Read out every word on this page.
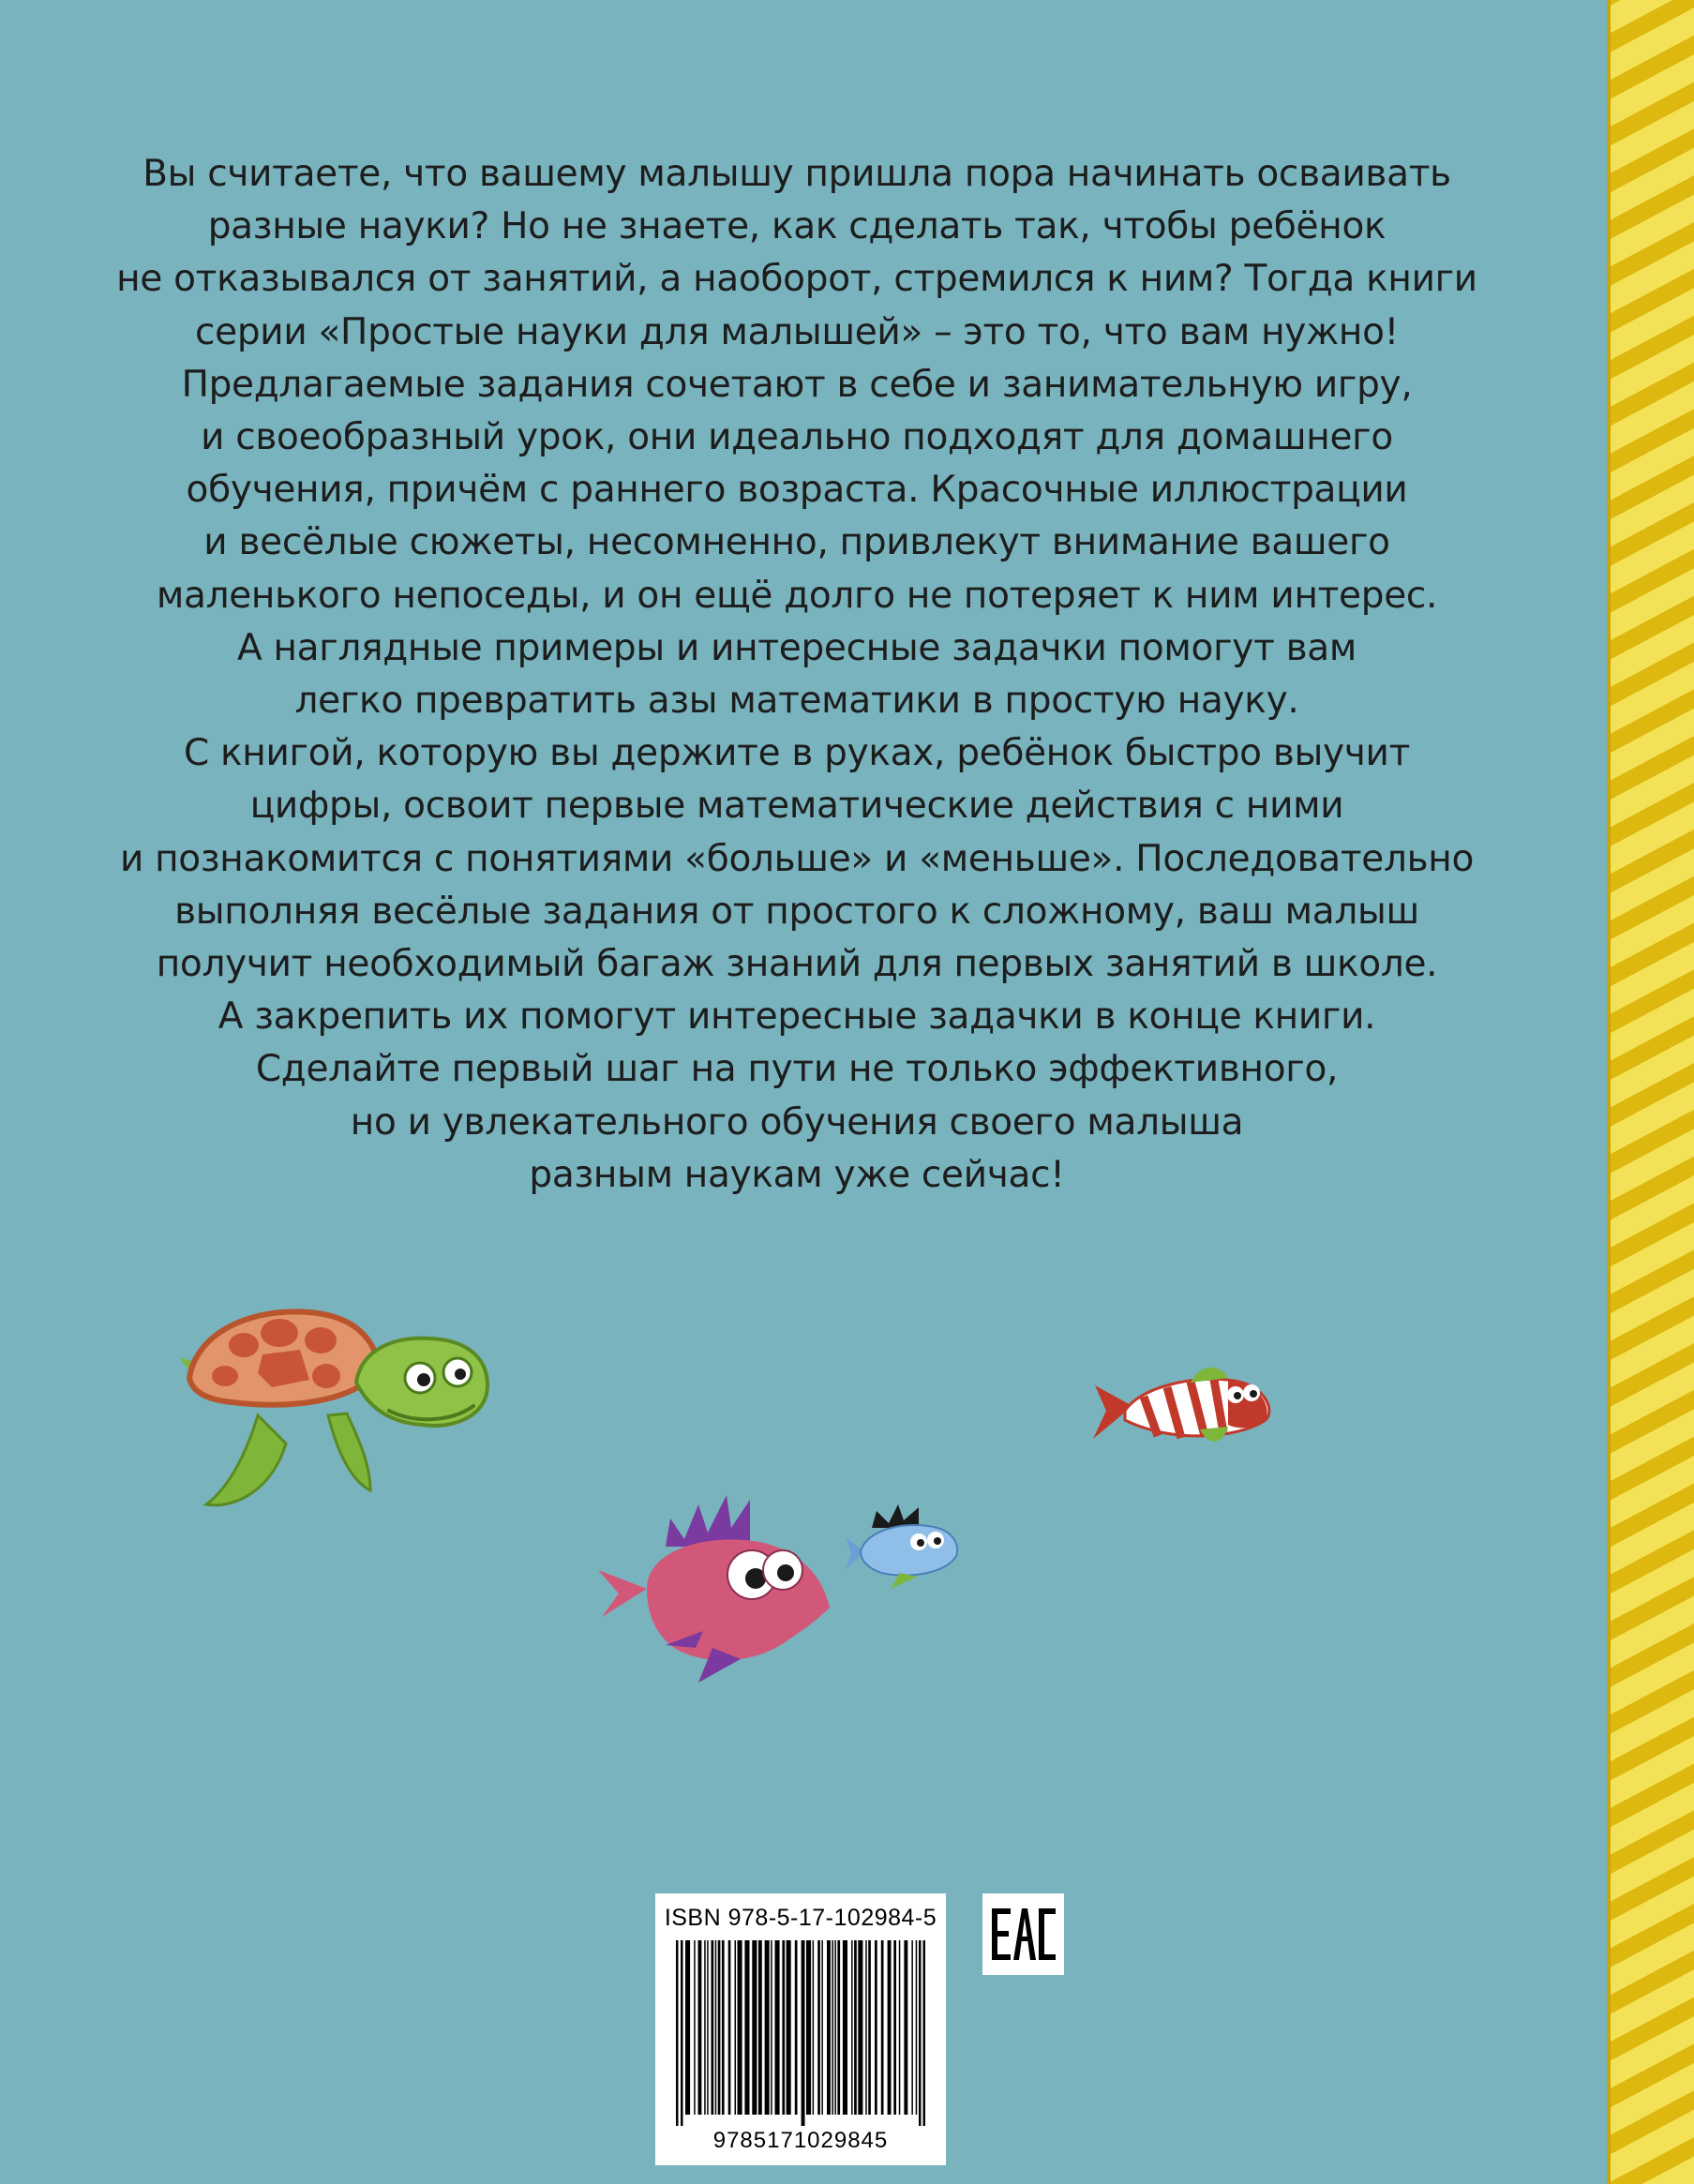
Вы считаете, что вашему малышу пришла пора начинать осваивать
разные науки? Но не знаете, как сделать так, чтобы ребёнок
не отказывался от занятий, а наоборот, стремился к ним? Тогда книги
серии «Простые науки для малышей» – это то, что вам нужно!
Предлагаемые задания сочетают в себе и занимательную игру,
и своеобразный урок, они идеально подходят для домашнего
обучения, причём с раннего возраста. Красочные иллюстрации
и весёлые сюжеты, несомненно, привлекут внимание вашего
маленького непоседы, и он ещё долго не потеряет к ним интерес.
А наглядные примеры и интересные задачки помогут вам
легко превратить азы математики в простую науку.
С книгой, которую вы держите в руках, ребёнок быстро выучит
цифры, освоит первые математические действия с ними
и познакомится с понятиями «больше» и «меньше». Последовательно
выполняя весёлые задания от простого к сложному, ваш малыш
получит необходимый багаж знаний для первых занятий в школе.
А закрепить их помогут интересные задачки в конце книги.
Сделайте первый шаг на пути не только эффективного,
но и увлекательного обучения своего малыша
разным наукам уже сейчас!
ISBN 978-5-17-102984-5
9785171029845
